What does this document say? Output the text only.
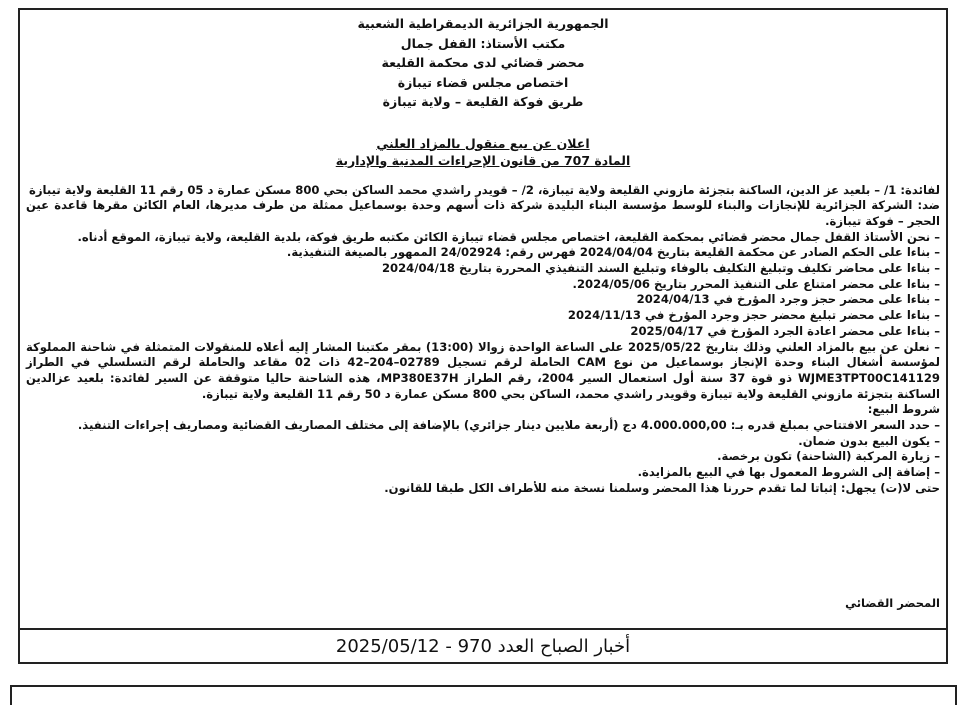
الجمهورية الجزائرية الديمقراطية الشعبية
مكتب الأستاذ: القفل جمال
محضر قضائي لدى محكمة القليعة
اختصاص مجلس قضاء تيبازة
طريق فوكة القليعة – ولاية تيبازة
اعلان عن بيع منقول بالمزاد العلني
المادة 707 من قانون الإجراءات المدنية والإدارية

لفائدة: 1/ – بلعيد عز الدين، الساكنة بتجزئة مازوني القليعة ولاية تيبازة، 2/ – قويدر راشدي محمد الساكن بحي 800 مسكن عمارة د 05 رقم 11 القليعة ولاية تيبازة

ضد: الشركة الجزائرية للإنجازات والبناء للوسط مؤسسة البناء البليدة شركة ذات أسهم وحدة بوسماعيل ممثلة من طرف مديرها، العام الكائن مقرها قاعدة عين الحجر – فوكة تيبازة.

– نحن الأستاذ القفل جمال محضر قضائي بمحكمة القليعة، اختصاص مجلس قضاء تيبازة الكائن مكتبه طريق فوكة، بلدية القليعة، ولاية تيبازة، الموقع أدناه.

– بناءا على الحكم الصادر عن محكمة القليعة بتاريخ 2024/04/04 فهرس رقم: 24/02924 الممهور بالصيغة التنفيذية.

– بناءا على محاضر تكليف وتبليغ التكليف بالوفاء وتبليغ السند التنفيذي المحررة بتاريخ 2024/04/18

– بناءا على محضر امتناع على التنفيذ المحرر بتاريخ 2024/05/06.

– بناءا على محضر حجز وجرد المؤرخ في 2024/04/13

– بناءا على محضر تبليغ محضر حجز وجرد المؤرخ في 2024/11/13

– بناءا على محضر اعادة الجرد المؤرخ في 2025/04/17

– نعلن عن بيع بالمزاد العلني وذلك بتاريخ 2025/05/22 على الساعة الواحدة زوالا (13:00) بمقر مكتبنا المشار إليه أعلاه للمنقولات المتمثلة في شاحنة المملوكة لمؤسسة أشغال البناء وحدة الإنجاز بوسماعيل من نوع CAM الحاملة لرقم تسجيل 02789–204–42 ذات 02 مقاعد والحاملة لرقم التسلسلي في الطراز WJME3TPT00C141129 ذو قوة 37 سنة أول استعمال السير 2004، رقم الطراز MP380E37H، هذه الشاحنة حاليا متوقفة عن السير لفائدة: بلعيد عزالدين الساكنة بتجزئة مازوني القليعة ولاية تيبازة وقويدر راشدي محمد، الساكن بحي 800 مسكن عمارة د 50 رقم 11 القليعة ولاية تيبازة.

شروط البيع:

– حدد السعر الافتتاحي بمبلغ قدره بـ: 4.000.000,00 دج (أربعة ملايين دينار جزائري) بالإضافة إلى مختلف المصاريف القضائية ومصاريف إجراءات التنفيذ.

– يكون البيع بدون ضمان.

– زيارة المركبة (الشاحنة) تكون برخصة.

– إضافة إلى الشروط المعمول بها في البيع بالمزايدة.

حتى لا(ت) يجهل: إثباتا لما تقدم حررنا هذا المحضر وسلمنا نسخة منه للأطراف الكل طبقا للقانون.

المحضر القضائي
أخبار الصباح العدد 970 - 2025/05/12
